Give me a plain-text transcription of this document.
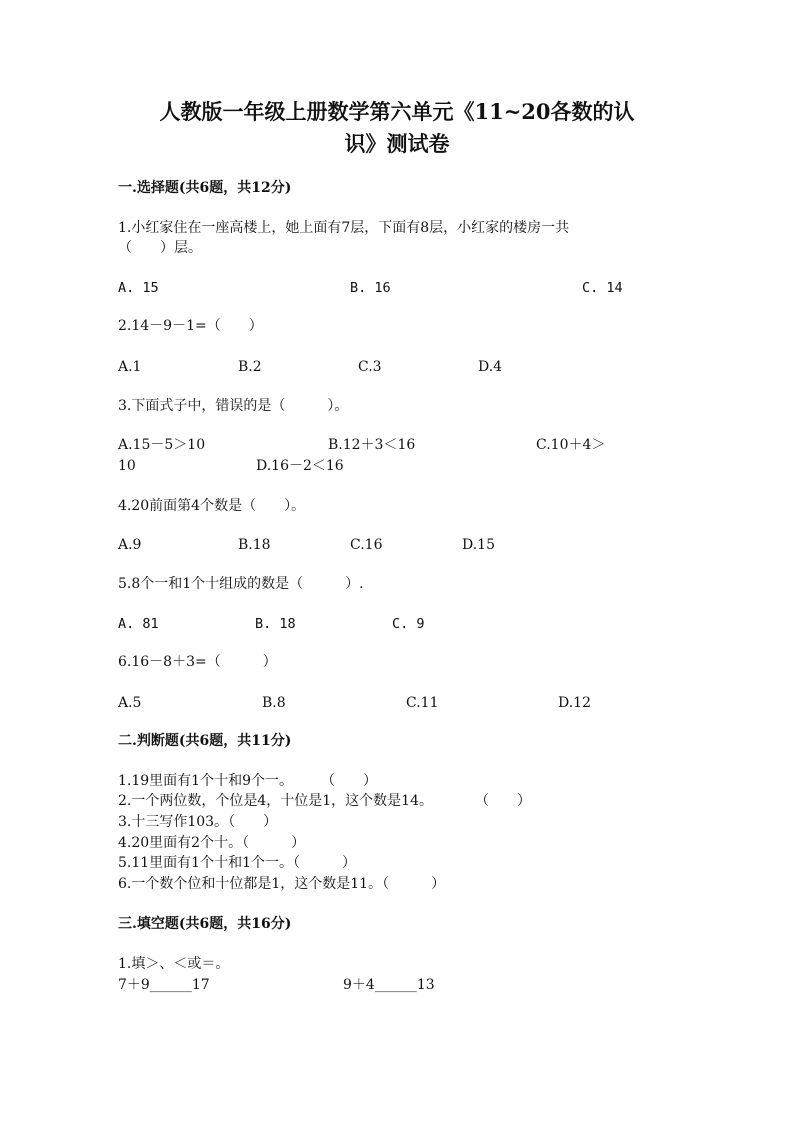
人教版一年级上册数学第六单元《11~20各数的认
识》测试卷
一.选择题(共6题，共12分)
1.小红家住在一座高楼上，她上面有7层，下面有8层，小红家的楼房一共
（　　）层。
A. 15	B. 16	C. 14
2.14－9－1=（　　）
A.1	B.2	C.3	D.4
3.下面式子中，错误的是（　　　）。
A.15－5＞10	B.12＋3＜16	C.10＋4＞
10	D.16－2＜16
4.20前面第4个数是（　　）。
A.9	B.18	C.16	D.15
5.8个一和1个十组成的数是（　　　）.
A. 81	B. 18	C. 9
6.16－8＋3=（　　　）
A.5	B.8	C.11	D.12
二.判断题(共6题，共11分)
1.19里面有1个十和9个一。　　　（　　）
2.一个两位数，个位是4，十位是1，这个数是14。　　　　（　　）
3.十三写作103。（　　）
4.20里面有2个十。（　　　）
5.11里面有1个十和1个一。（　　　）
6.一个数个位和十位都是1，这个数是11。（　　　）
三.填空题(共6题，共16分)
1.填＞、＜或＝。
7＋9______17	9＋4______13
